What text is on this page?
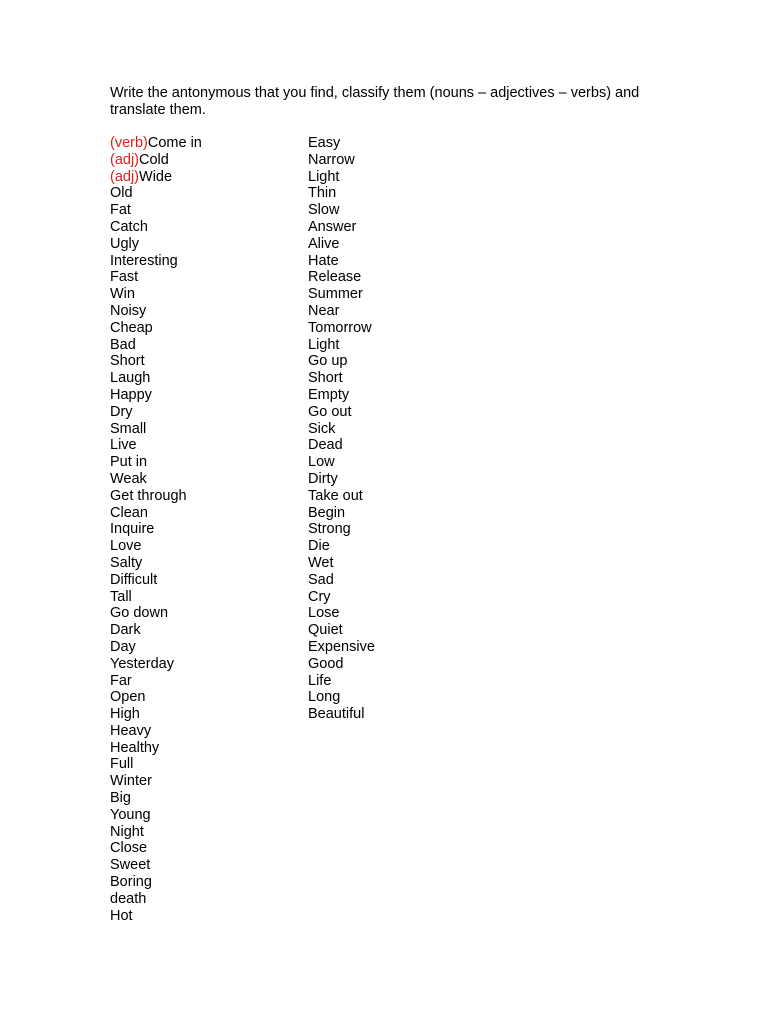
Write the antonymous that you find, classify them (nouns – adjectives – verbs) and translate them.

(verb)Come in
(adj)Cold
(adj)Wide
Old
Fat
Catch
Ugly
Interesting
Fast
Win
Noisy
Cheap
Bad
Short
Laugh
Happy
Dry
Small
Live
Put in
Weak
Get through
Clean
Inquire
Love
Salty
Difficult
Tall
Go down
Dark
Day
Yesterday
Far
Open
High
Heavy
Healthy
Full
Winter
Big
Young
Night
Close
Sweet
Boring
death
Hot
Easy
Narrow
Light
Thin
Slow
Answer
Alive
Hate
Release
Summer
Near
Tomorrow
Light
Go up
Short
Empty
Go out
Sick
Dead
Low
Dirty
Take out
Begin
Strong
Die
Wet
Sad
Cry
Lose
Quiet
Expensive
Good
Life
Long
Beautiful
